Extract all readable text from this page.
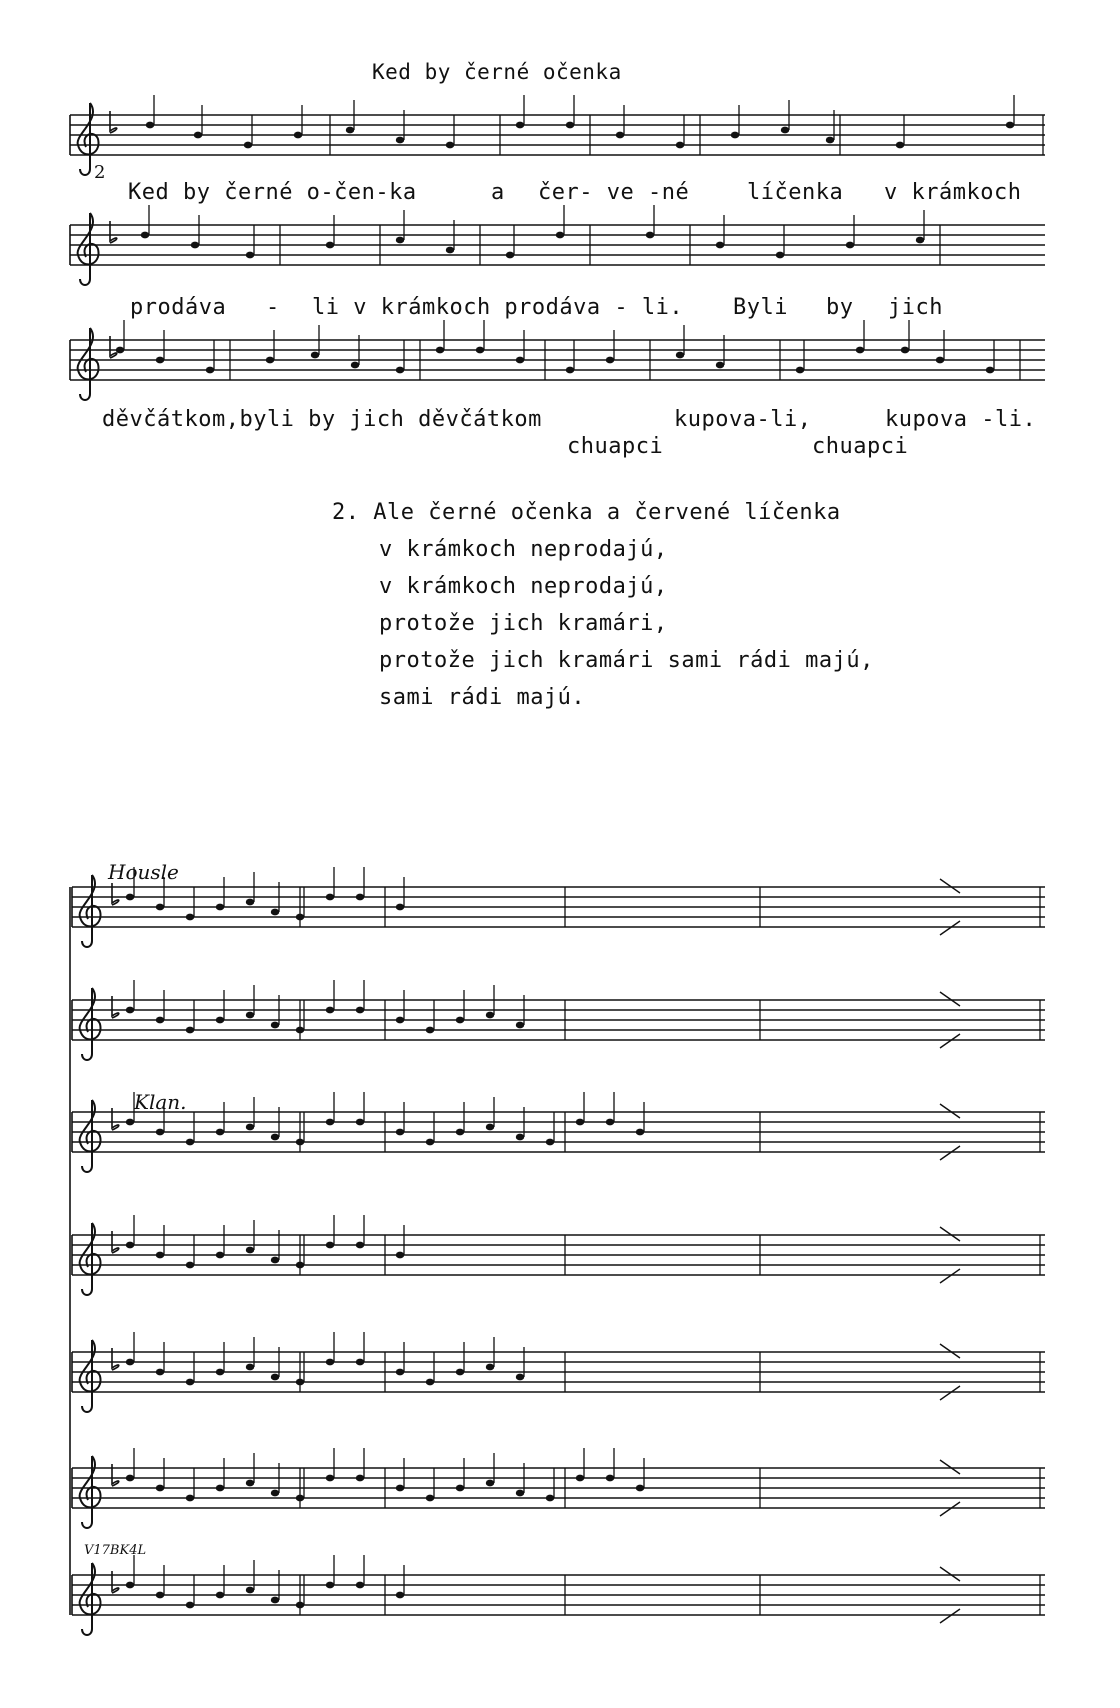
Ked by černé očenka
2
Ked by černé o-čen-ka	a čer- ve -né	líčenka v krámkoch
prodáva - li v krámkoch prodáva - li. Byli by jich
děvčátkom,byli by jich děvčátkom	kupova-li,	kupova -li.
chuapci	chuapci
2. Ale černé očenka a červené líčenka
v krámkoch neprodajú,
v krámkoch neprodajú,
protože jich kramári,
protože jich kramári sami rádi majú,
sami rádi majú.
Housle
Klan.
V17BK4L
